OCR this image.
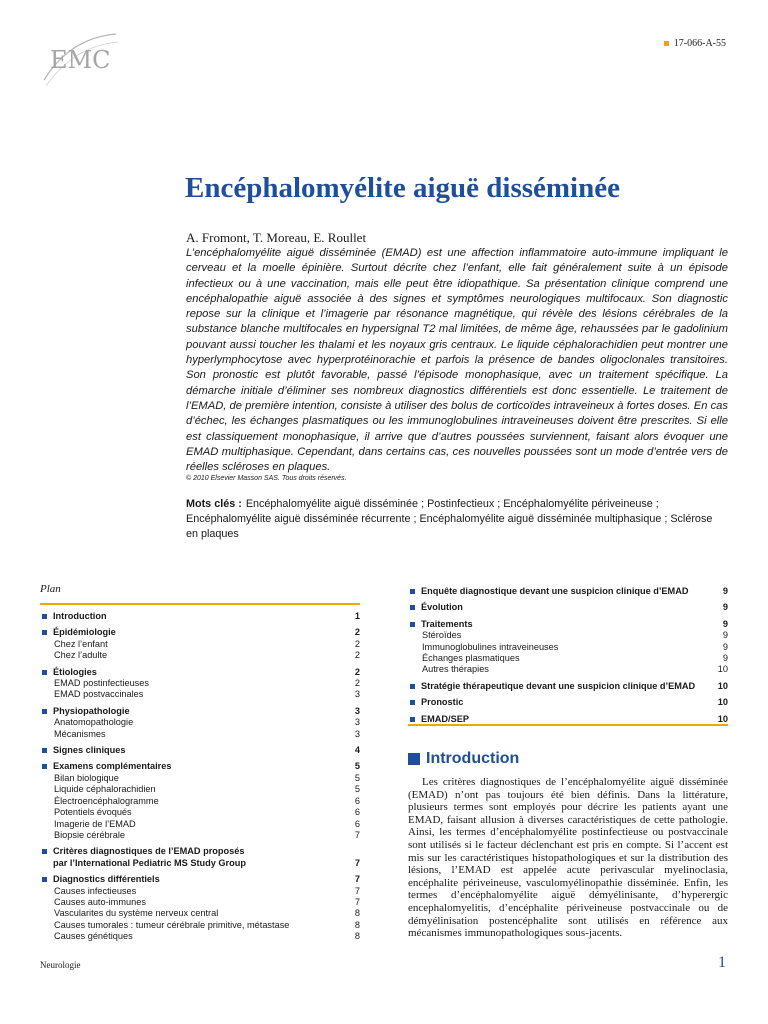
EMC
17-066-A-55
Encéphalomyélite aiguë disséminée
A. Fromont, T. Moreau, E. Roullet

L’encéphalomyélite aiguë disséminée (EMAD) est une affection inflammatoire auto-immune impliquant le cerveau et la moelle épinière. Surtout décrite chez l’enfant, elle fait généralement suite à un épisode infectieux ou à une vaccination, mais elle peut être idiopathique. Sa présentation clinique comprend une encéphalopathie aiguë associée à des signes et symptômes neurologiques multifocaux. Son diagnostic repose sur la clinique et l’imagerie par résonance magnétique, qui révèle des lésions cérébrales de la substance blanche multifocales en hypersignal T2 mal limitées, de même âge, rehaussées par le gadolinium pouvant aussi toucher les thalami et les noyaux gris centraux. Le liquide céphalorachidien peut montrer une hyperlymphocytose avec hyperprotéinorachie et parfois la présence de bandes oligoclonales transitoires. Son pronostic est plutôt favorable, passé l’épisode monophasique, avec un traitement spécifique. La démarche initiale d’éliminer ses nombreux diagnostics différentiels est donc essentielle. Le traitement de l’EMAD, de première intention, consiste à utiliser des bolus de corticoïdes intraveineux à fortes doses. En cas d’échec, les échanges plasmatiques ou les immunoglobulines intraveineuses doivent être prescrites. Si elle est classiquement monophasique, il arrive que d’autres poussées surviennent, faisant alors évoquer une EMAD multiphasique. Cependant, dans certains cas, ces nouvelles poussées sont un mode d’entrée vers de réelles scléroses en plaques.

© 2010 Elsevier Masson SAS. Tous droits réservés.
Mots clés : Encéphalomyélite aiguë disséminée ; Postinfectieux ; Encéphalomyélite périveineuse ; Encéphalomyélite aiguë disséminée récurrente ; Encéphalomyélite aiguë disséminée multiphasique ; Sclérose en plaques
Plan
Introduction	1
Épidémiologie	2
Chez l’enfant	2
Chez l’adulte	2
Étiologies	2
EMAD postinfectieuses	2
EMAD postvaccinales	3
Physiopathologie	3
Anatomopathologie	3
Mécanismes	3
Signes cliniques	4
Examens complémentaires	5
Bilan biologique	5
Liquide céphalorachidien	5
Électroencéphalogramme	6
Potentiels évoqués	6
Imagerie de l’EMAD	6
Biopsie cérébrale	7
Critères diagnostiques de l’EMAD proposés
par l’International Pediatric MS Study Group	7
Diagnostics différentiels	7
Causes infectieuses	7
Causes auto-immunes	7
Vascularites du système nerveux central	8
Causes tumorales : tumeur cérébrale primitive, métastase	8
Causes génétiques	8
Enquête diagnostique devant une suspicion clinique d’EMAD	9
Évolution	9
Traitements	9
Stéroïdes	9
Immunoglobulines intraveineuses	9
Échanges plasmatiques	9
Autres thérapies	10
Stratégie thérapeutique devant une suspicion clinique d’EMAD	10
Pronostic	10
EMAD/SEP	10
Introduction

Les critères diagnostiques de l’encéphalomyélite aiguë disséminée (EMAD) n’ont pas toujours été bien définis. Dans la littérature, plusieurs termes sont employés pour décrire les patients ayant une EMAD, faisant allusion à diverses caractéristiques de cette pathologie. Ainsi, les termes d’encéphalomyélite postinfectieuse ou postvaccinale sont utilisés si le facteur déclenchant est pris en compte. Si l’accent est mis sur les caractéristiques histopathologiques et sur la distribution des lésions, l’EMAD est appelée acute perivascular myelinoclasia, encéphalite périveineuse, vasculomyélinopathie disséminée. Enfin, les termes d’encéphalomyélite aiguë démyélinisante, d’hyperergic encephalomyelitis, d’encéphalite périveineuse postvaccinale ou de démyélinisation postencéphalite sont utilisés en référence aux mécanismes immunopathologiques sous-jacents.

Neurologie	1
